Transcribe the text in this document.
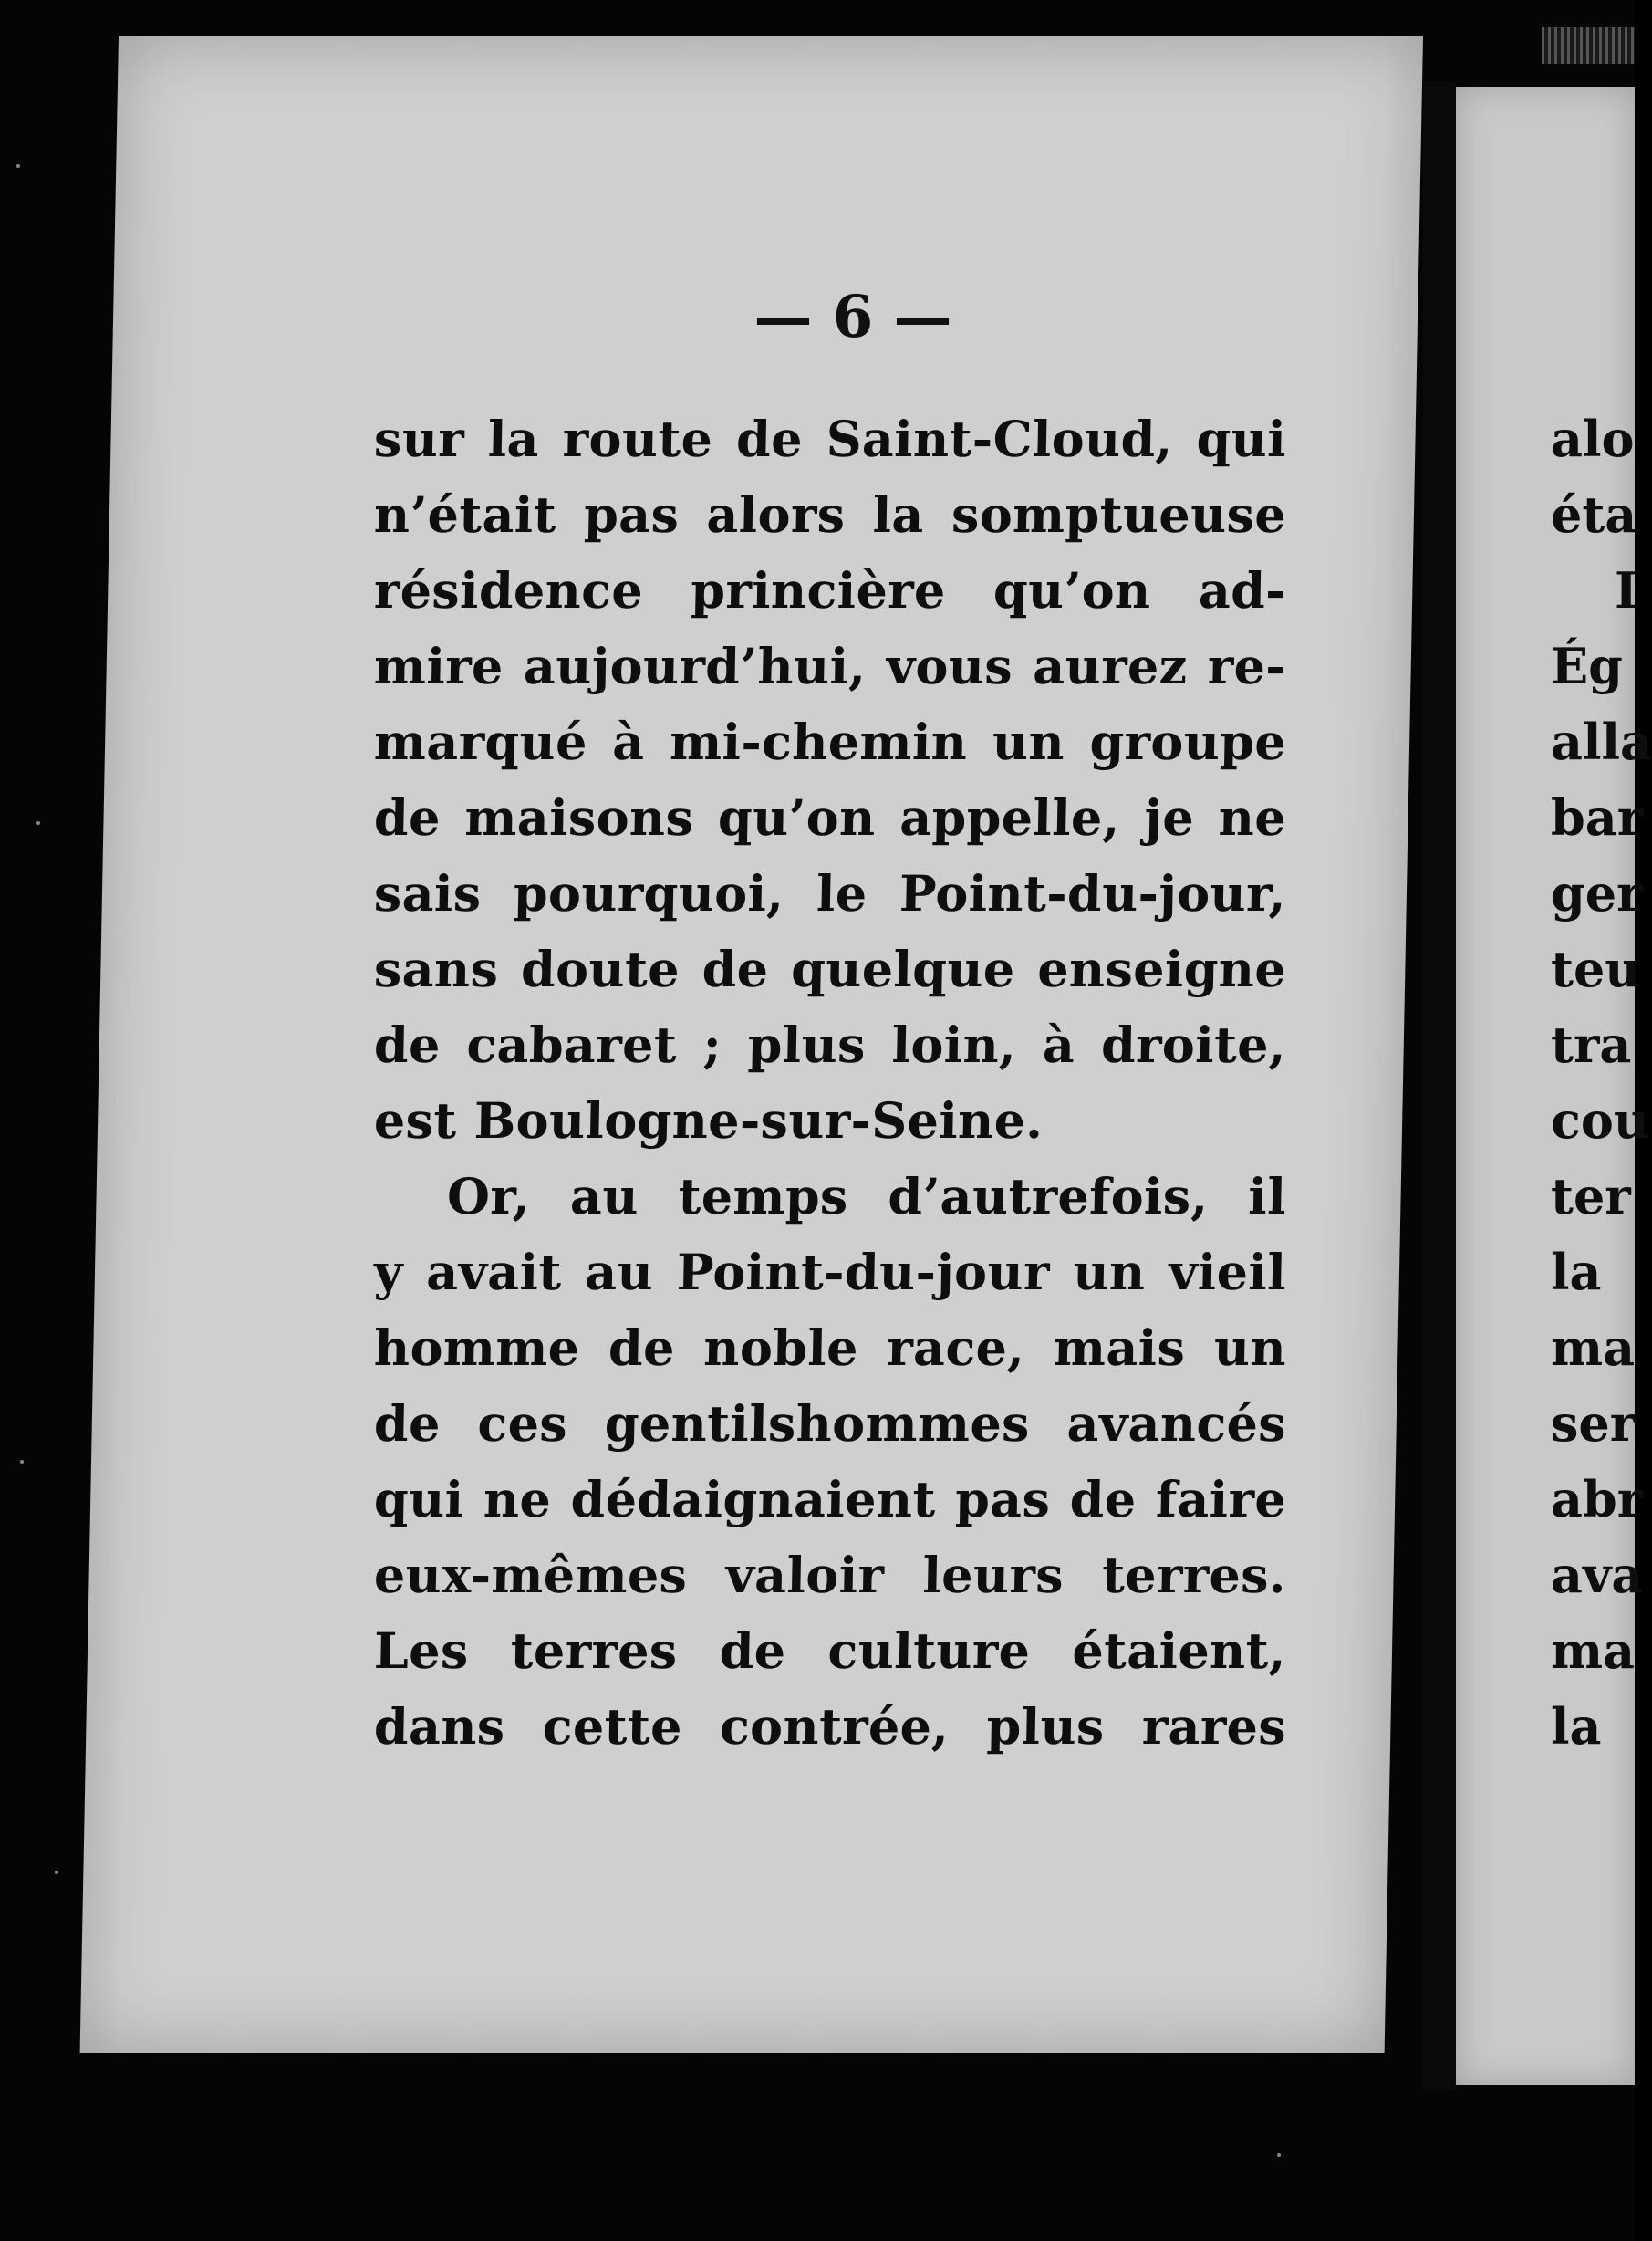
— 6 —
sur la route de Saint-Cloud, qui
n’était pas alors la somptueuse
résidence princière qu’on ad-
mire aujourd’hui, vous aurez re-
marqué à mi-chemin un groupe
de maisons qu’on appelle, je ne
sais pourquoi, le Point-du-jour,
sans doute de quelque enseigne
de cabaret ; plus loin, à droite,
est Boulogne-sur-Seine.
Or, au temps d’autrefois, il
y avait au Point-du-jour un vieil
homme de noble race, mais un
de ces gentilshommes avancés
qui ne dédaignaient pas de faire
eux-mêmes valoir leurs terres.
Les terres de culture étaient,
dans cette contrée, plus rares
alo
éta
I
Ég
alla
bar
ger
teu
tra
cou
ter
la
ma
ser
abr
ava
ma
la
